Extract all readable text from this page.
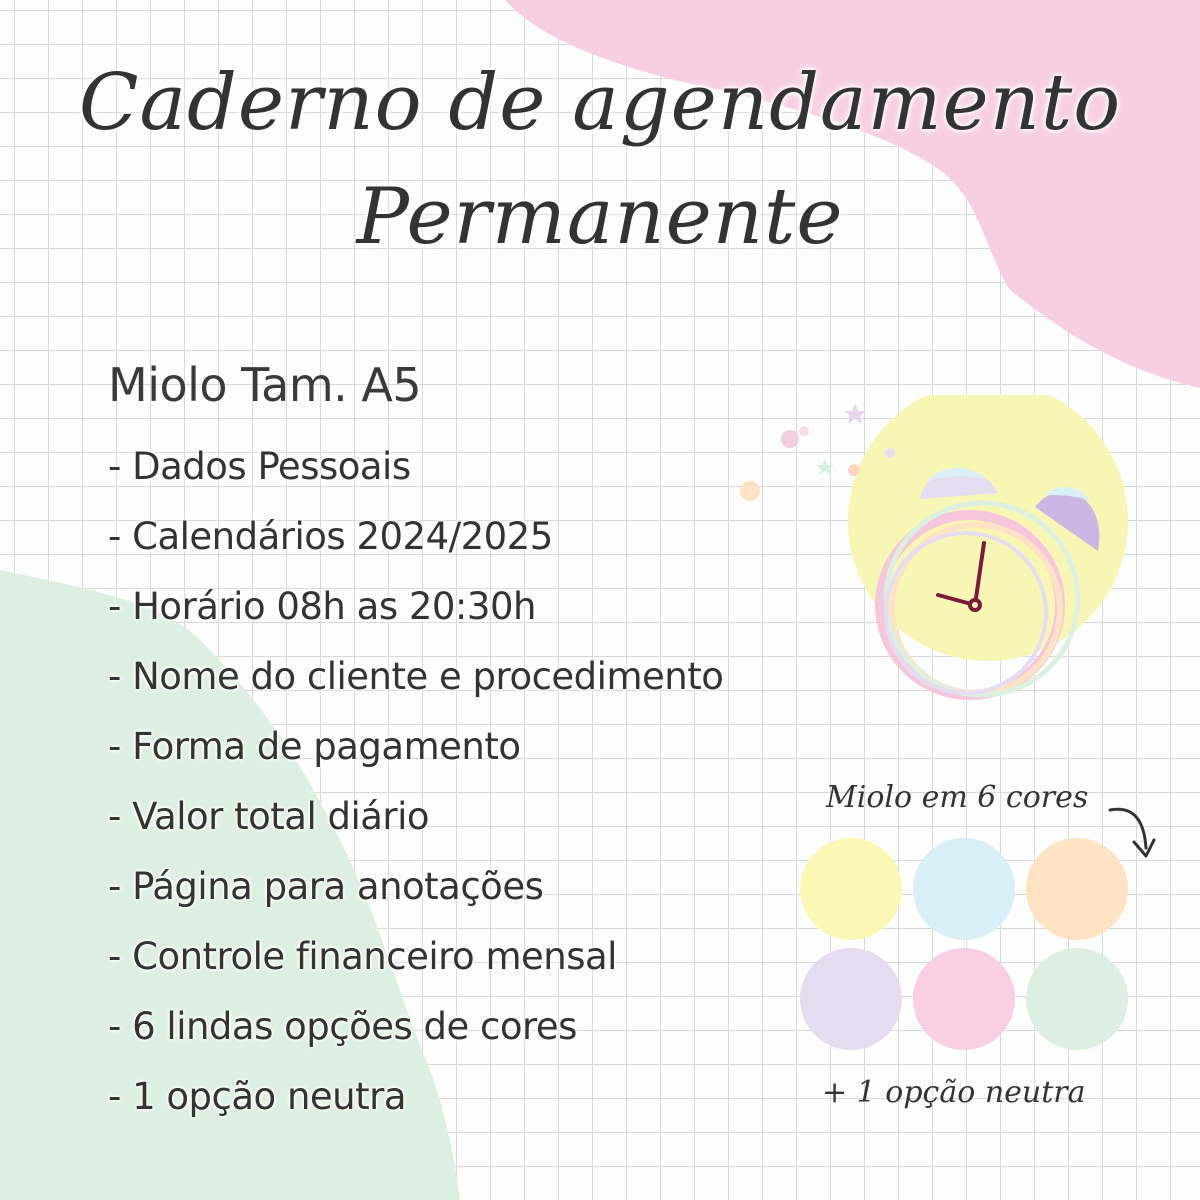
Caderno de agendamento
Permanente
Miolo Tam. A5
- Dados Pessoais
- Calendários 2024/2025
- Horário 08h as 20:30h
- Nome do cliente e procedimento
- Forma de pagamento
- Valor total diário
- Página para anotações
- Controle financeiro mensal
- 6 lindas opções de cores
- 1 opção neutra
Miolo em 6 cores
+ 1 opção neutra
